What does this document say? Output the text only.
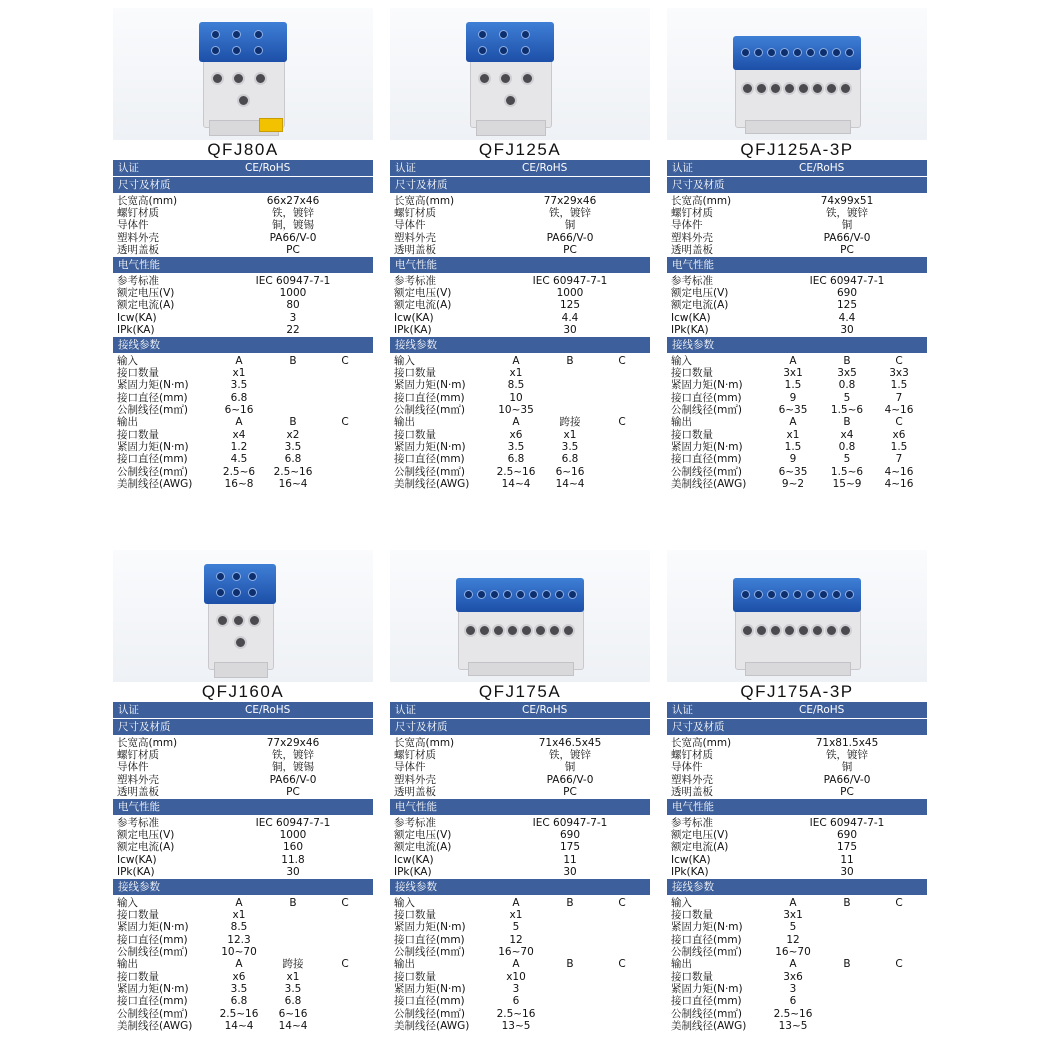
QFJ80A
认证	CE/RoHS
尺寸及材质
长宽高(mm)	66x27x46
螺钉材质	铁，镀锌
导体件	铜，镀锡
塑料外壳	PA66/V-0
透明盖板	PC
电气性能
参考标准	IEC 60947-7-1
额定电压(V)	1000
额定电流(A)	80
Icw(KA)	3
IPk(KA)	22
接线参数
输入	A	B	C
接口数量	x1
紧固力矩(N·m)	3.5
接口直径(mm)	6.8
公制线径(m㎡)	6~16
输出	A	B	C
接口数量	x4	x2
紧固力矩(N·m)	1.2	3.5
接口直径(mm)	4.5	6.8
公制线径(m㎡)	2.5~6	2.5~16
美制线径(AWG)	16~8	16~4
QFJ125A
认证	CE/RoHS
尺寸及材质
长宽高(mm)	77x29x46
螺钉材质	铁，镀锌
导体件	铜
塑料外壳	PA66/V-0
透明盖板	PC
电气性能
参考标准	IEC 60947-7-1
额定电压(V)	1000
额定电流(A)	125
Icw(KA)	4.4
IPk(KA)	30
接线参数
输入	A	B	C
接口数量	x1
紧固力矩(N·m)	8.5
接口直径(mm)	10
公制线径(m㎡)	10~35
输出	A	跨接	C
接口数量	x6	x1
紧固力矩(N·m)	3.5	3.5
接口直径(mm)	6.8	6.8
公制线径(m㎡)	2.5~16	6~16
美制线径(AWG)	14~4	14~4
QFJ125A-3P
认证	CE/RoHS
尺寸及材质
长宽高(mm)	74x99x51
螺钉材质	铁，镀锌
导体件	铜
塑料外壳	PA66/V-0
透明盖板	PC
电气性能
参考标准	IEC 60947-7-1
额定电压(V)	690
额定电流(A)	125
Icw(KA)	4.4
IPk(KA)	30
接线参数
输入	A	B	C
接口数量	3x1	3x5	3x3
紧固力矩(N·m)	1.5	0.8	1.5
接口直径(mm)	9	5	7
公制线径(m㎡)	6~35	1.5~6	4~16
输出	A	B	C
接口数量	x1	x4	x6
紧固力矩(N·m)	1.5	0.8	1.5
接口直径(mm)	9	5	7
公制线径(m㎡)	6~35	1.5~6	4~16
美制线径(AWG)	9~2	15~9	4~16
QFJ160A
认证	CE/RoHS
尺寸及材质
长宽高(mm)	77x29x46
螺钉材质	铁，镀锌
导体件	铜，镀锡
塑料外壳	PA66/V-0
透明盖板	PC
电气性能
参考标准	IEC 60947-7-1
额定电压(V)	1000
额定电流(A)	160
Icw(KA)	11.8
IPk(KA)	30
接线参数
输入	A	B	C
接口数量	x1
紧固力矩(N·m)	8.5
接口直径(mm)	12.3
公制线径(m㎡)	10~70
输出	A	跨接	C
接口数量	x6	x1
紧固力矩(N·m)	3.5	3.5
接口直径(mm)	6.8	6.8
公制线径(m㎡)	2.5~16	6~16
美制线径(AWG)	14~4	14~4
QFJ175A
认证	CE/RoHS
尺寸及材质
长宽高(mm)	71x46.5x45
螺钉材质	铁，镀锌
导体件	铜
塑料外壳	PA66/V-0
透明盖板	PC
电气性能
参考标准	IEC 60947-7-1
额定电压(V)	690
额定电流(A)	175
Icw(KA)	11
IPk(KA)	30
接线参数
输入	A	B	C
接口数量	x1
紧固力矩(N·m)	5
接口直径(mm)	12
公制线径(m㎡)	16~70
输出	A	B	C
接口数量	x10
紧固力矩(N·m)	3
接口直径(mm)	6
公制线径(m㎡)	2.5~16
美制线径(AWG)	13~5
QFJ175A-3P
认证	CE/RoHS
尺寸及材质
长宽高(mm)	71x81.5x45
螺钉材质	铁，镀锌
导体件	铜
塑料外壳	PA66/V-0
透明盖板	PC
电气性能
参考标准	IEC 60947-7-1
额定电压(V)	690
额定电流(A)	175
Icw(KA)	11
IPk(KA)	30
接线参数
输入	A	B	C
接口数量	3x1
紧固力矩(N·m)	5
接口直径(mm)	12
公制线径(m㎡)	16~70
输出	A	B	C
接口数量	3x6
紧固力矩(N·m)	3
接口直径(mm)	6
公制线径(m㎡)	2.5~16
美制线径(AWG)	13~5
